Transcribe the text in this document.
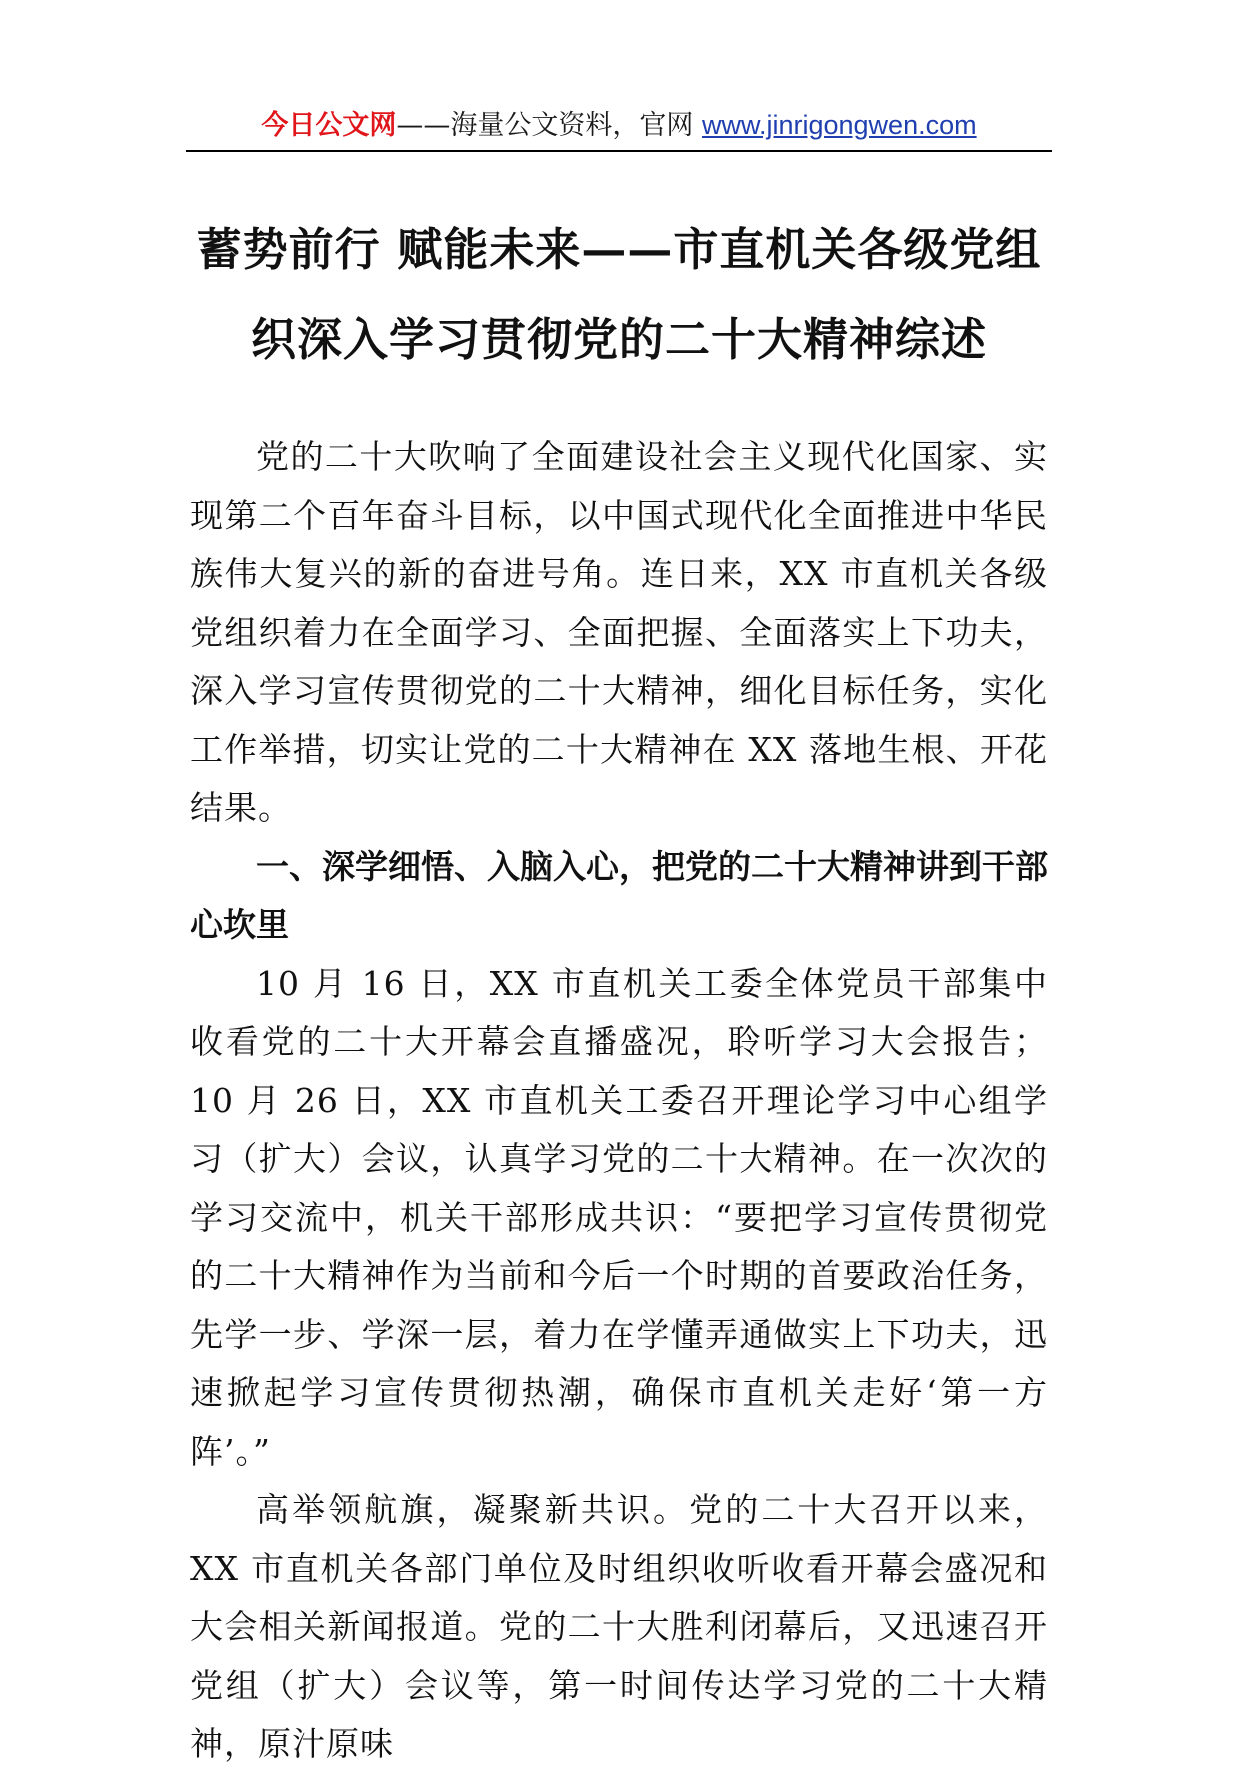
今日公文网——海量公文资料，官网 www.jinrigongwen.com
蓄势前行 赋能未来——市直机关各级党组
织深入学习贯彻党的二十大精神综述

党的二十大吹响了全面建设社会主义现代化国家、实现第二个百年奋斗目标，以中国式现代化全面推进中华民族伟大复兴的新的奋进号角。连日来，XX 市直机关各级党组织着力在全面学习、全面把握、全面落实上下功夫，深入学习宣传贯彻党的二十大精神，细化目标任务，实化工作举措，切实让党的二十大精神在 XX 落地生根、开花结果。

一、深学细悟、入脑入心，把党的二十大精神讲到干部心坎里

10 月 16 日，XX 市直机关工委全体党员干部集中收看党的二十大开幕会直播盛况，聆听学习大会报告；10 月 26 日，XX 市直机关工委召开理论学习中心组学习（扩大）会议，认真学习党的二十大精神。在一次次的学习交流中，机关干部形成共识：“要把学习宣传贯彻党的二十大精神作为当前和今后一个时期的首要政治任务，先学一步、学深一层，着力在学懂弄通做实上下功夫，迅速掀起学习宣传贯彻热潮，确保市直机关走好‘第一方阵’。”

高举领航旗，凝聚新共识。党的二十大召开以来，XX 市直机关各部门单位及时组织收听收看开幕会盛况和大会相关新闻报道。党的二十大胜利闭幕后，又迅速召开党组（扩大）会议等，第一时间传达学习党的二十大精神，原汁原味
